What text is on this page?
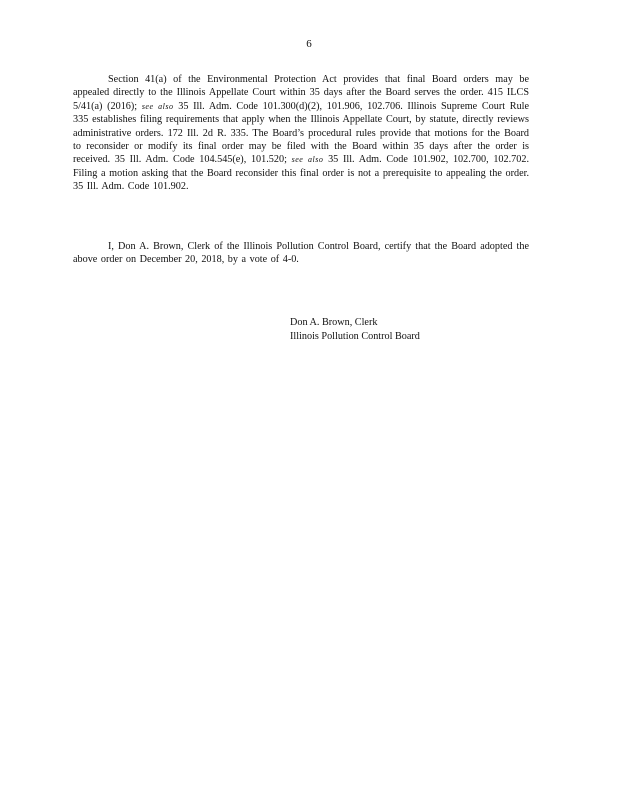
6

Section 41(a) of the Environmental Protection Act provides that final Board orders may be appealed directly to the Illinois Appellate Court within 35 days after the Board serves the order. 415 ILCS 5/41(a) (2016); see also 35 Ill. Adm. Code 101.300(d)(2), 101.906, 102.706. Illinois Supreme Court Rule 335 establishes filing requirements that apply when the Illinois Appellate Court, by statute, directly reviews administrative orders. 172 Ill. 2d R. 335. The Board’s procedural rules provide that motions for the Board to reconsider or modify its final order may be filed with the Board within 35 days after the order is received. 35 Ill. Adm. Code 104.545(e), 101.520; see also 35 Ill. Adm. Code 101.902, 102.700, 102.702. Filing a motion asking that the Board reconsider this final order is not a prerequisite to appealing the order. 35 Ill. Adm. Code 101.902.

I, Don A. Brown, Clerk of the Illinois Pollution Control Board, certify that the Board adopted the above order on December 20, 2018, by a vote of 4-0.

Don A. Brown, Clerk
Illinois Pollution Control Board
